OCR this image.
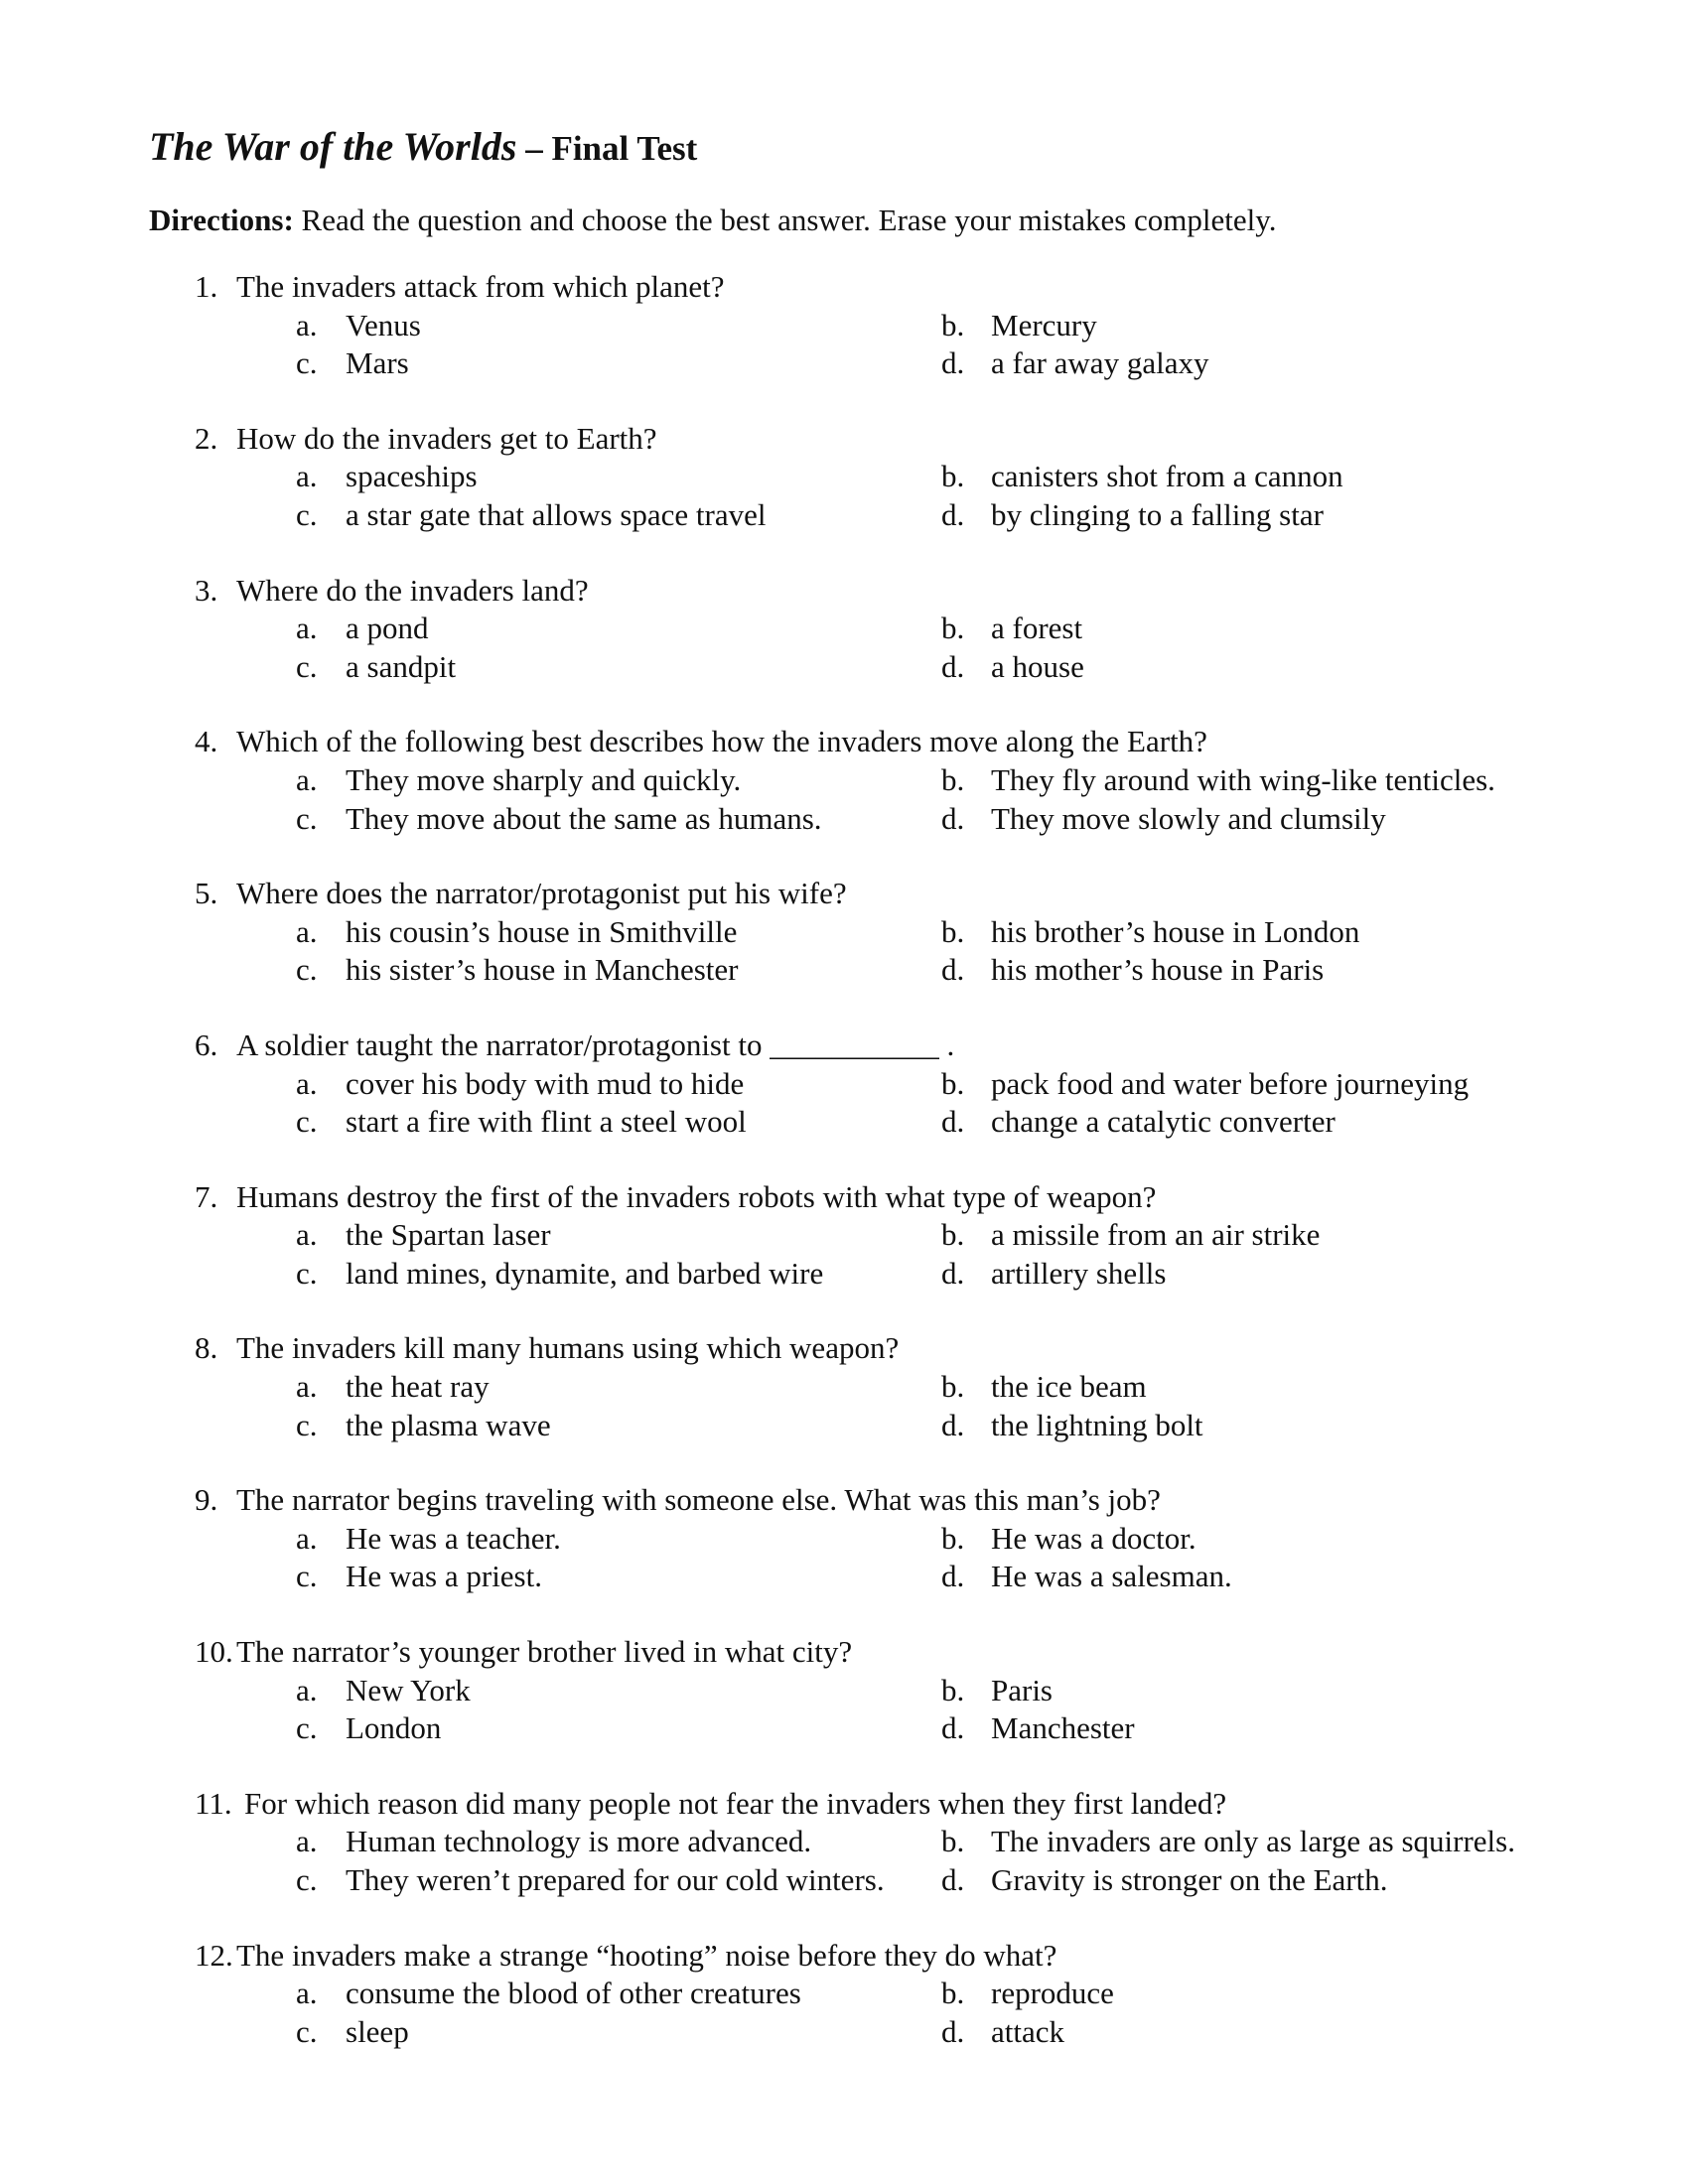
The War of the Worlds – Final Test
Directions: Read the question and choose the best answer. Erase your mistakes completely.
1. The invaders attack from which planet?
a. Venus	b. Mercury
c. Mars	d. a far away galaxy
2. How do the invaders get to Earth?
a. spaceships	b. canisters shot from a cannon
c. a star gate that allows space travel	d. by clinging to a falling star
3. Where do the invaders land?
a. a pond	b. a forest
c. a sandpit	d. a house
4. Which of the following best describes how the invaders move along the Earth?
a. They move sharply and quickly.	b. They fly around with wing-like tenticles.
c. They move about the same as humans.	d. They move slowly and clumsily
5. Where does the narrator/protagonist put his wife?
a. his cousin’s house in Smithville	b. his brother’s house in London
c. his sister’s house in Manchester	d. his mother’s house in Paris
6. A soldier taught the narrator/protagonist to ___________ .
a. cover his body with mud to hide	b. pack food and water before journeying
c. start a fire with flint a steel wool	d. change a catalytic converter
7. Humans destroy the first of the invaders robots with what type of weapon?
a. the Spartan laser	b. a missile from an air strike
c. land mines, dynamite, and barbed wire	d. artillery shells
8. The invaders kill many humans using which weapon?
a. the heat ray	b. the ice beam
c. the plasma wave	d. the lightning bolt
9. The narrator begins traveling with someone else. What was this man’s job?
a. He was a teacher.	b. He was a doctor.
c. He was a priest.	d. He was a salesman.
10. The narrator’s younger brother lived in what city?
a. New York	b. Paris
c. London	d. Manchester
11. For which reason did many people not fear the invaders when they first landed?
a. Human technology is more advanced.	b. The invaders are only as large as squirrels.
c. They weren’t prepared for our cold winters. d. Gravity is stronger on the Earth.
12. The invaders make a strange “hooting” noise before they do what?
a. consume the blood of other creatures	b. reproduce
c. sleep	d. attack
